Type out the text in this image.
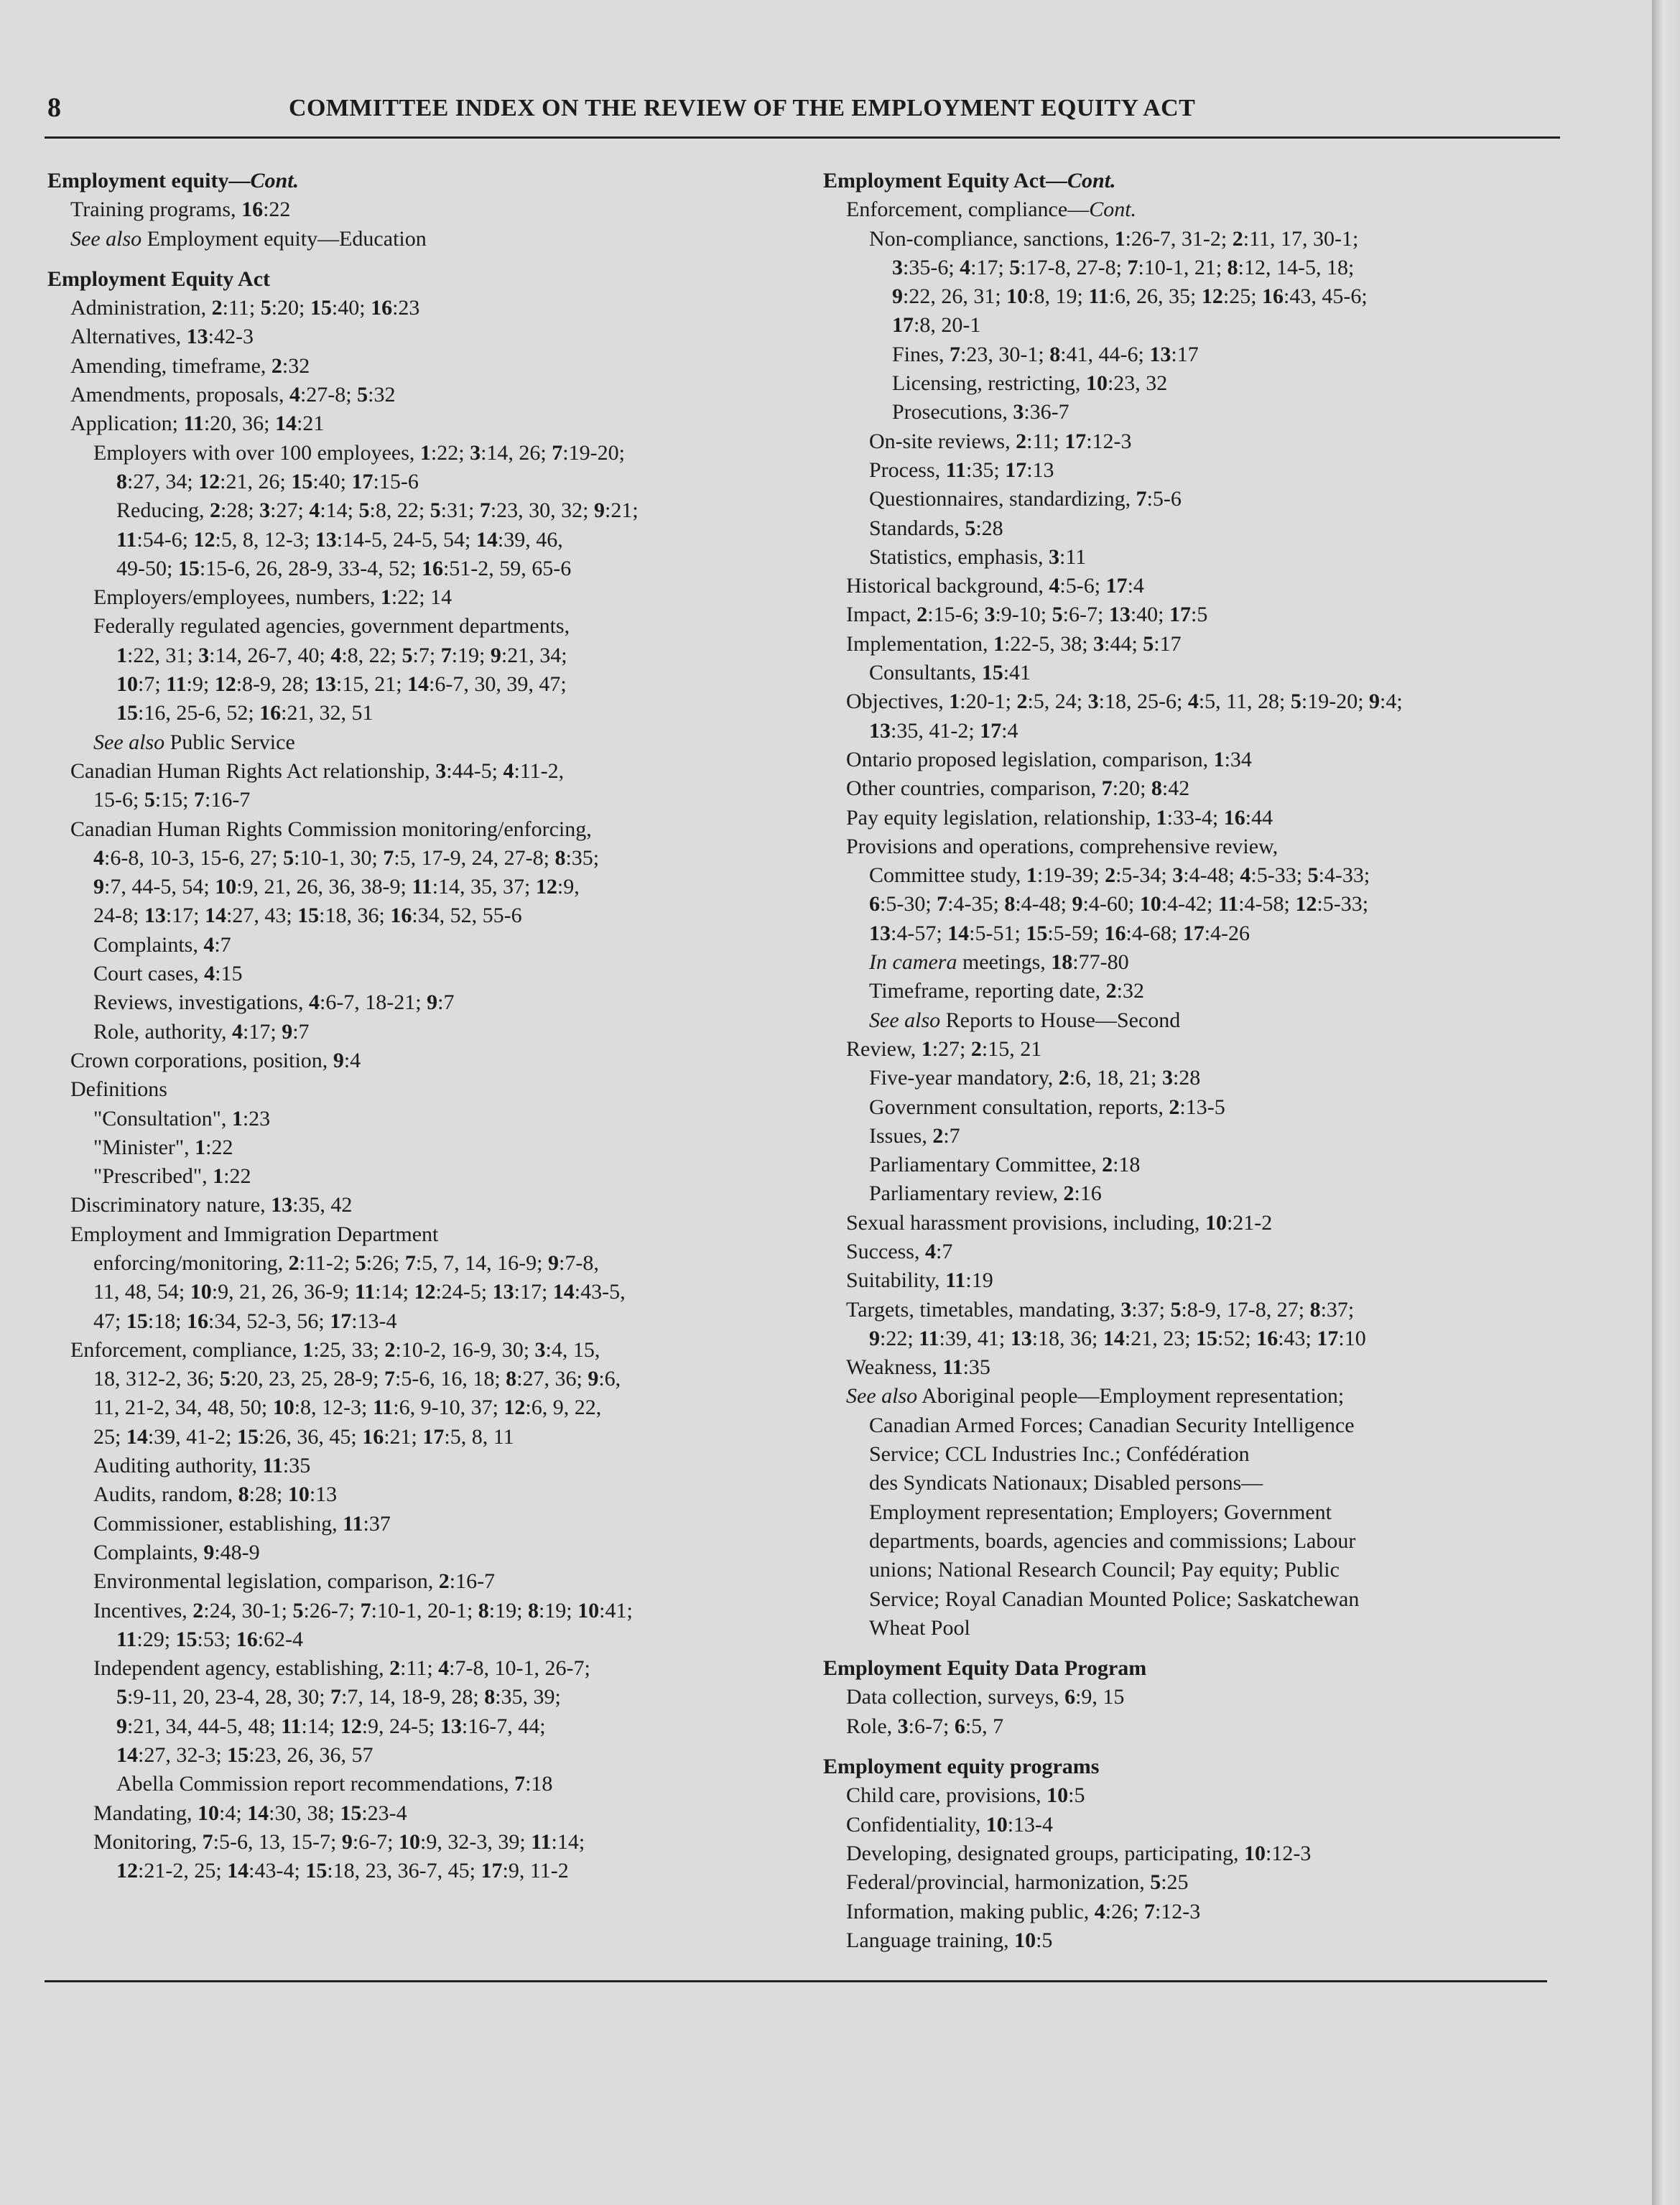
8	COMMITTEE INDEX ON THE REVIEW OF THE EMPLOYMENT EQUITY ACT
Employment equity—Cont.
Training programs, 16:22
See also Employment equity—Education
Employment Equity Act
Administration, 2:11; 5:20; 15:40; 16:23
Alternatives, 13:42-3
Amending, timeframe, 2:32
Amendments, proposals, 4:27-8; 5:32
Application; 11:20, 36; 14:21
Employers with over 100 employees, 1:22; 3:14, 26; 7:19-20;
8:27, 34; 12:21, 26; 15:40; 17:15-6
Reducing, 2:28; 3:27; 4:14; 5:8, 22; 5:31; 7:23, 30, 32; 9:21;
11:54-6; 12:5, 8, 12-3; 13:14-5, 24-5, 54; 14:39, 46,
49-50; 15:15-6, 26, 28-9, 33-4, 52; 16:51-2, 59, 65-6
Employers/employees, numbers, 1:22; 14
Federally regulated agencies, government departments,
1:22, 31; 3:14, 26-7, 40; 4:8, 22; 5:7; 7:19; 9:21, 34;
10:7; 11:9; 12:8-9, 28; 13:15, 21; 14:6-7, 30, 39, 47;
15:16, 25-6, 52; 16:21, 32, 51
See also Public Service
Canadian Human Rights Act relationship, 3:44-5; 4:11-2,
15-6; 5:15; 7:16-7
Canadian Human Rights Commission monitoring/enforcing,
4:6-8, 10-3, 15-6, 27; 5:10-1, 30; 7:5, 17-9, 24, 27-8; 8:35;
9:7, 44-5, 54; 10:9, 21, 26, 36, 38-9; 11:14, 35, 37; 12:9,
24-8; 13:17; 14:27, 43; 15:18, 36; 16:34, 52, 55-6
Complaints, 4:7
Court cases, 4:15
Reviews, investigations, 4:6-7, 18-21; 9:7
Role, authority, 4:17; 9:7
Crown corporations, position, 9:4
Definitions
"Consultation", 1:23
"Minister", 1:22
"Prescribed", 1:22
Discriminatory nature, 13:35, 42
Employment and Immigration Department
enforcing/monitoring, 2:11-2; 5:26; 7:5, 7, 14, 16-9; 9:7-8,
11, 48, 54; 10:9, 21, 26, 36-9; 11:14; 12:24-5; 13:17; 14:43-5,
47; 15:18; 16:34, 52-3, 56; 17:13-4
Enforcement, compliance, 1:25, 33; 2:10-2, 16-9, 30; 3:4, 15,
18, 312-2, 36; 5:20, 23, 25, 28-9; 7:5-6, 16, 18; 8:27, 36; 9:6,
11, 21-2, 34, 48, 50; 10:8, 12-3; 11:6, 9-10, 37; 12:6, 9, 22,
25; 14:39, 41-2; 15:26, 36, 45; 16:21; 17:5, 8, 11
Auditing authority, 11:35
Audits, random, 8:28; 10:13
Commissioner, establishing, 11:37
Complaints, 9:48-9
Environmental legislation, comparison, 2:16-7
Incentives, 2:24, 30-1; 5:26-7; 7:10-1, 20-1; 8:19; 8:19; 10:41;
11:29; 15:53; 16:62-4
Independent agency, establishing, 2:11; 4:7-8, 10-1, 26-7;
5:9-11, 20, 23-4, 28, 30; 7:7, 14, 18-9, 28; 8:35, 39;
9:21, 34, 44-5, 48; 11:14; 12:9, 24-5; 13:16-7, 44;
14:27, 32-3; 15:23, 26, 36, 57
Abella Commission report recommendations, 7:18
Mandating, 10:4; 14:30, 38; 15:23-4
Monitoring, 7:5-6, 13, 15-7; 9:6-7; 10:9, 32-3, 39; 11:14;
12:21-2, 25; 14:43-4; 15:18, 23, 36-7, 45; 17:9, 11-2
Employment Equity Act—Cont.
Enforcement, compliance—Cont.
Non-compliance, sanctions, 1:26-7, 31-2; 2:11, 17, 30-1;
3:35-6; 4:17; 5:17-8, 27-8; 7:10-1, 21; 8:12, 14-5, 18;
9:22, 26, 31; 10:8, 19; 11:6, 26, 35; 12:25; 16:43, 45-6;
17:8, 20-1
Fines, 7:23, 30-1; 8:41, 44-6; 13:17
Licensing, restricting, 10:23, 32
Prosecutions, 3:36-7
On-site reviews, 2:11; 17:12-3
Process, 11:35; 17:13
Questionnaires, standardizing, 7:5-6
Standards, 5:28
Statistics, emphasis, 3:11
Historical background, 4:5-6; 17:4
Impact, 2:15-6; 3:9-10; 5:6-7; 13:40; 17:5
Implementation, 1:22-5, 38; 3:44; 5:17
Consultants, 15:41
Objectives, 1:20-1; 2:5, 24; 3:18, 25-6; 4:5, 11, 28; 5:19-20; 9:4;
13:35, 41-2; 17:4
Ontario proposed legislation, comparison, 1:34
Other countries, comparison, 7:20; 8:42
Pay equity legislation, relationship, 1:33-4; 16:44
Provisions and operations, comprehensive review,
Committee study, 1:19-39; 2:5-34; 3:4-48; 4:5-33; 5:4-33;
6:5-30; 7:4-35; 8:4-48; 9:4-60; 10:4-42; 11:4-58; 12:5-33;
13:4-57; 14:5-51; 15:5-59; 16:4-68; 17:4-26
In camera meetings, 18:77-80
Timeframe, reporting date, 2:32
See also Reports to House—Second
Review, 1:27; 2:15, 21
Five-year mandatory, 2:6, 18, 21; 3:28
Government consultation, reports, 2:13-5
Issues, 2:7
Parliamentary Committee, 2:18
Parliamentary review, 2:16
Sexual harassment provisions, including, 10:21-2
Success, 4:7
Suitability, 11:19
Targets, timetables, mandating, 3:37; 5:8-9, 17-8, 27; 8:37;
9:22; 11:39, 41; 13:18, 36; 14:21, 23; 15:52; 16:43; 17:10
Weakness, 11:35
See also Aboriginal people—Employment representation;
Canadian Armed Forces; Canadian Security Intelligence
Service; CCL Industries Inc.; Confédération
des Syndicats Nationaux; Disabled persons—
Employment representation; Employers; Government
departments, boards, agencies and commissions; Labour
unions; National Research Council; Pay equity; Public
Service; Royal Canadian Mounted Police; Saskatchewan
Wheat Pool
Employment Equity Data Program
Data collection, surveys, 6:9, 15
Role, 3:6-7; 6:5, 7
Employment equity programs
Child care, provisions, 10:5
Confidentiality, 10:13-4
Developing, designated groups, participating, 10:12-3
Federal/provincial, harmonization, 5:25
Information, making public, 4:26; 7:12-3
Language training, 10:5
